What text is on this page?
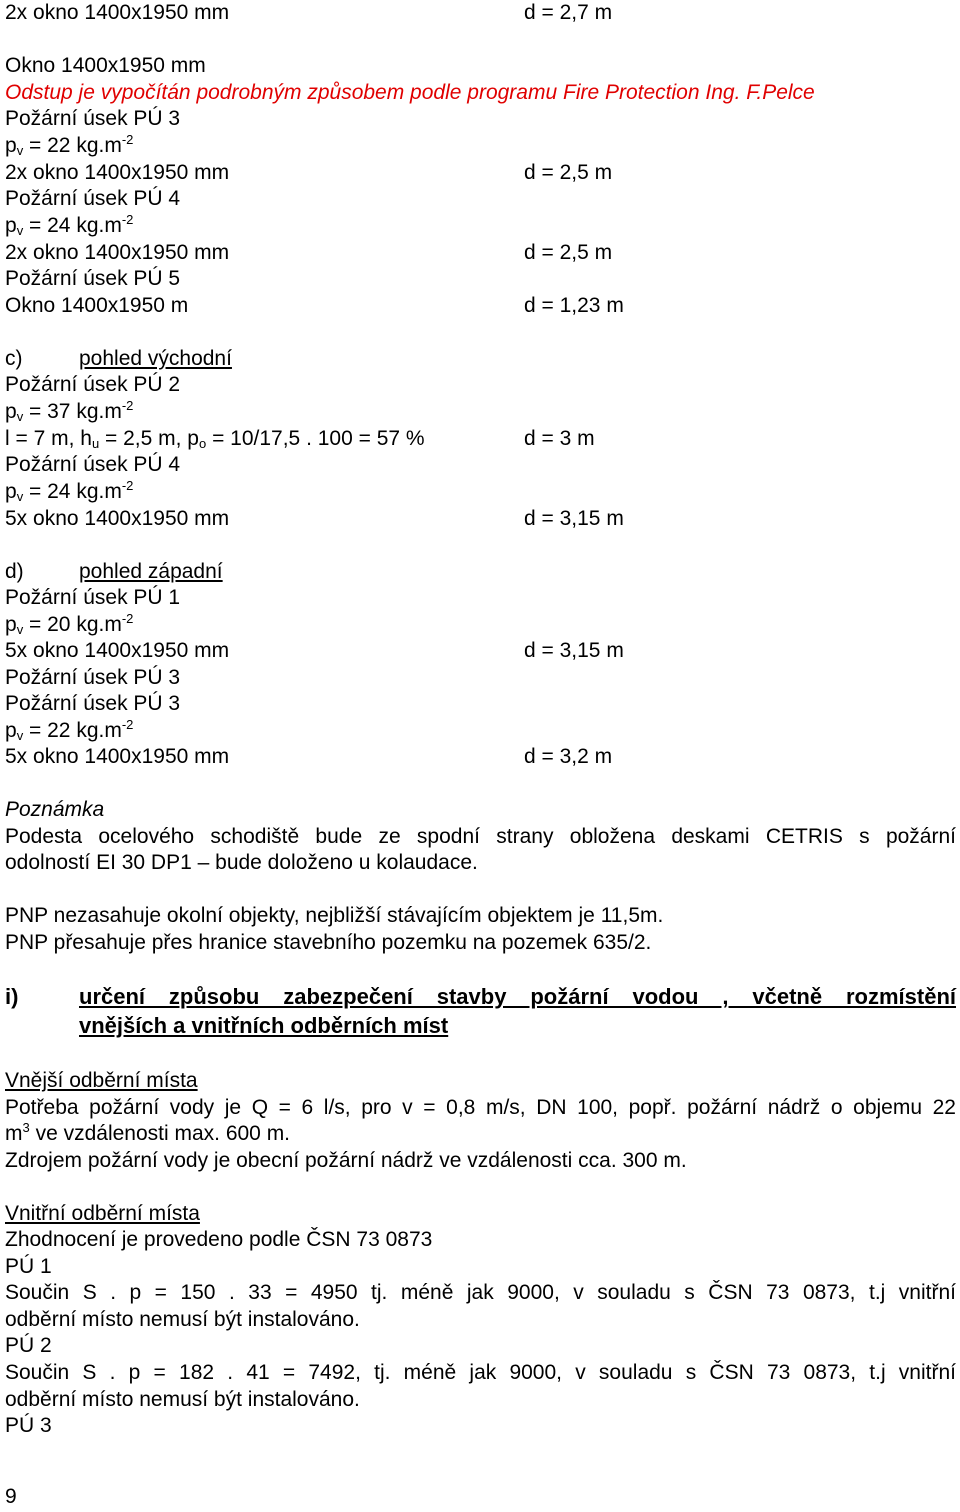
2x okno 1400x1950 mm	d = 2,7 m
Okno 1400x1950 mm
Odstup je vypočítán podrobným způsobem podle programu Fire Protection Ing. F.Pelce
Požární úsek PÚ 3
$p_v = 22$ $kg.m^{-2}$
2x okno 1400x1950 mm	d = 2,5 m
Požární úsek PÚ 4
$p_v = 24$ $kg.m^{-2}$
2x okno 1400x1950 mm	d = 2,5 m
Požární úsek PÚ 5
Okno 1400x1950 m	d = 1,23 m
c)	pohled východní
Požární úsek PÚ 2
$p_v = 37$ $kg.m^{-2}$
l = 7 m, $h_u = 2,5$ m, $p_o = 10/17,5$ . 100 = 57 %	d = 3 m
Požární úsek PÚ 4
$p_v = 24$ $kg.m^{-2}$
5x okno 1400x1950 mm	d = 3,15 m
d)	pohled západní
Požární úsek PÚ 1
$p_v = 20$ $kg.m^{-2}$
5x okno 1400x1950 mm	d = 3,15 m
Požární úsek PÚ 3
Požární úsek PÚ 3
$p_v = 22$ $kg.m^{-2}$
5x okno 1400x1950 mm	d = 3,2 m
Poznámka
Podesta ocelového schodiště bude ze spodní strany obložena deskami CETRIS s požární
odolností EI 30 DP1 – bude doloženo u kolaudace.
PNP nezasahuje okolní objekty, nejbližší stávajícím objektem je 11,5m.
PNP přesahuje přes hranice stavebního pozemku na pozemek 635/2.
i)	určení způsobu zabezpečení stavby požární vodou , včetně rozmístění
vnějších a vnitřních odběrních míst
Vnější odběrní místa
Potřeba požární vody je Q = 6 l/s, pro v = 0,8 m/s, DN 100, popř. požární nádrž o objemu 22
$m^3$ ve vzdálenosti max. 600 m.
Zdrojem požární vody je obecní požární nádrž ve vzdálenosti cca. 300 m.
Vnitřní odběrní místa
Zhodnocení je provedeno podle ČSN 73 0873
PÚ 1
Součin S . p = 150 . 33 = 4950 tj. méně jak 9000, v souladu s ČSN 73 0873, t.j vnitřní
odběrní místo nemusí být instalováno.
PÚ 2
Součin S . p = 182 . 41 = 7492, tj. méně jak 9000, v souladu s ČSN 73 0873, t.j vnitřní
odběrní místo nemusí být instalováno.
PÚ 3
9
